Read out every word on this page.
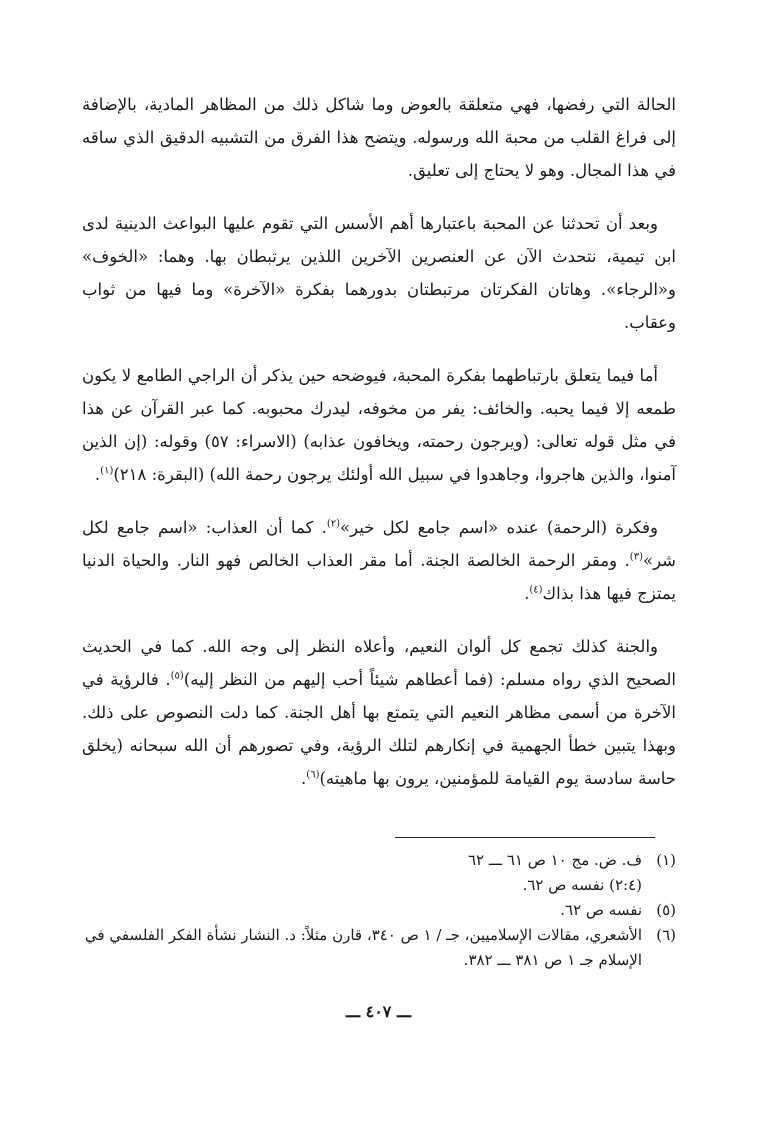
الحالة التي رفضها، فهي متعلقة بالعوض وما شاكل ذلك من المظاهر المادية، بالإضافة إلى فراغ القلب من محبة الله ورسوله. ويتضح هذا الفرق من التشبيه الدقيق الذي ساقه في هذا المجال. وهو لا يحتاج إلى تعليق.

وبعد أن تحدثنا عن المحبة باعتبارها أهم الأسس التي تقوم عليها البواعث الدينية لدى ابن تيمية، نتحدث الآن عن العنصرين الآخرين اللذين يرتبطان بها. وهما: «الخوف» و«الرجاء». وهاتان الفكرتان مرتبطتان بدورهما بفكرة «الآخرة» وما فيها من ثواب وعقاب.

أما فيما يتعلق بارتباطهما بفكرة المحبة، فيوضحه حين يذكر أن الراجي الطامع لا يكون طمعه إلا فيما يحبه. والخائف: يفر من مخوفه، ليدرك محبوبه. كما عبر القرآن عن هذا في مثل قوله تعالى: (ويرجون رحمته، ويخافون عذابه) (الاسراء: ٥٧) وقوله: (إن الذين آمنوا، والذين هاجروا، وجاهدوا في سبيل الله أولئك يرجون رحمة الله) (البقرة: ٢١٨)$^{(١)}$.

وفكرة (الرحمة) عنده «اسم جامع لكل خير»$^{(٢)}$. كما أن العذاب: «اسم جامع لكل شر»$^{(٣)}$. ومقر الرحمة الخالصة الجنة. أما مقر العذاب الخالص فهو النار. والحياة الدنيا يمتزج فيها هذا بذاك$^{(٤)}$.

والجنة كذلك تجمع كل ألوان النعيم، وأعلاه النظر إلى وجه الله. كما في الحديث الصحيح الذي رواه مسلم: (فما أعطاهم شيئاً أحب إليهم من النظر إليه)$^{(٥)}$. فالرؤية في الآخرة من أسمى مظاهر النعيم التي يتمتع بها أهل الجنة. كما دلت النصوص على ذلك. وبهذا يتبين خطأ الجهمية في إنكارهم لتلك الرؤية، وفي تصورهم أن الله سبحانه (يخلق حاسة سادسة يوم القيامة للمؤمنين، يرون بها ماهيته)$^{(٦)}$.

(١)
ف. ض. مج ١٠ ص ٦١ ـــ ٦٢
(٢:٤) نفسه ص ٦٢.
(٥)
نفسه ص ٦٢.
(٦)
الأشعري، مقالات الإسلاميين، جـ / ١ ص ٣٤٠، قارن مثلاً: د. النشار نشأة الفكر الفلسفي في الإسلام جـ ١ ص ٣٨١ ـــ ٣٨٢.
ـــ ٤٠٧ ـــ
